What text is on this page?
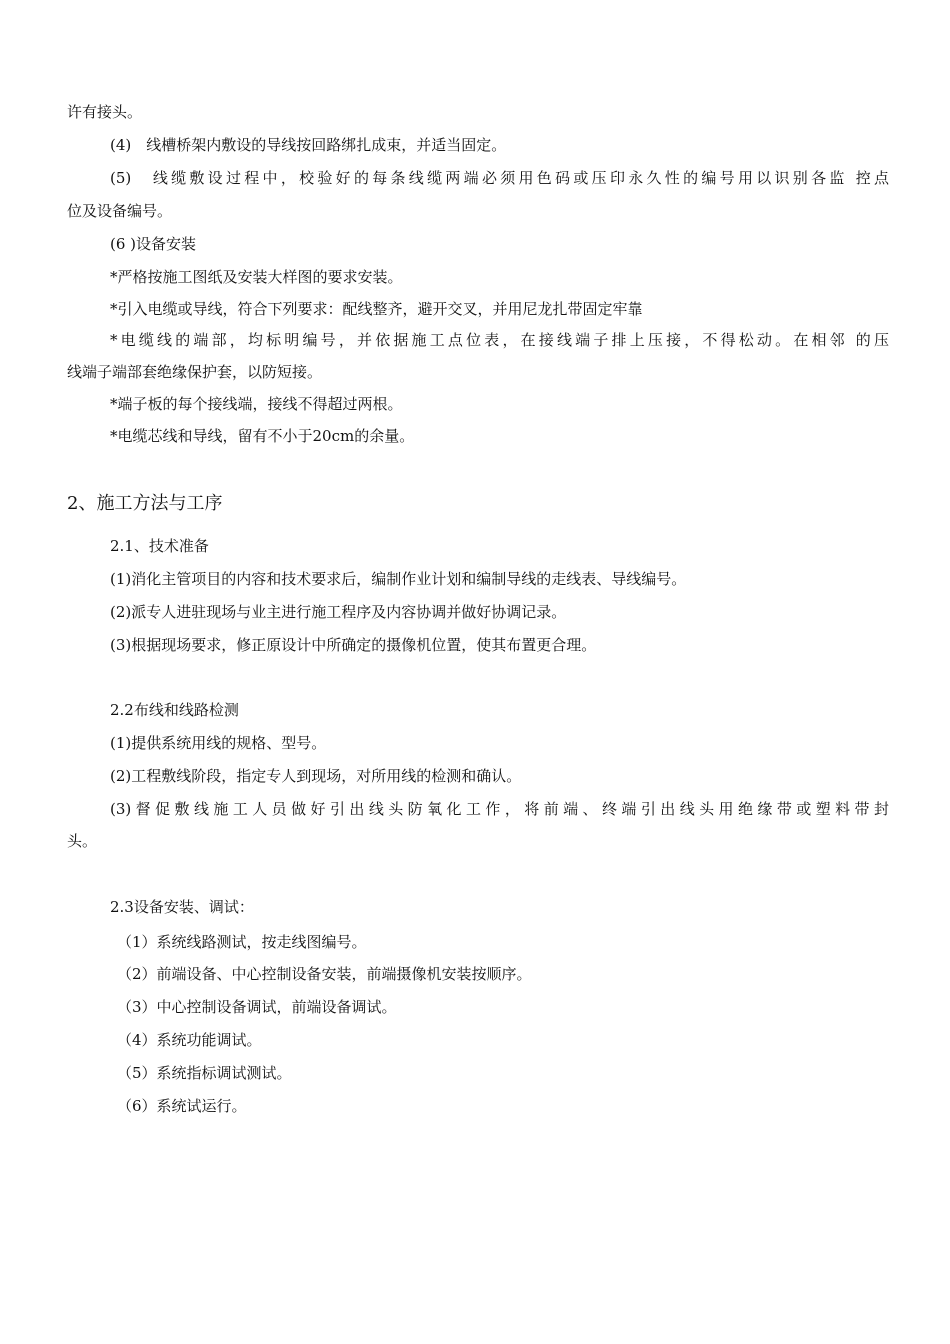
许有接头。
(4)　线槽桥架内敷设的导线按回路绑扎成束，并适当固定。
(5)　线缆敷设过程中，校验好的每条线缆两端必须用色码或压印永久性的编号用以识别各监 控点
位及设备编号。
(6 )设备安装
*严格按施工图纸及安装大样图的要求安装。
*引入电缆或导线，符合下列要求：配线整齐，避开交叉，并用尼龙扎带固定牢靠
*电缆线的端部，均标明编号，并依据施工点位表，在接线端子排上压接，不得松动。在相邻 的压
线端子端部套绝缘保护套，以防短接。
*端子板的每个接线端，接线不得超过两根。
*电缆芯线和导线，留有不小于20cm的余量。
2、施工方法与工序
2.1、技术准备
(1)消化主管项目的内容和技术要求后，编制作业计划和编制导线的走线表、导线编号。
(2)派专人进驻现场与业主进行施工程序及内容协调并做好协调记录。
(3)根据现场要求，修正原设计中所确定的摄像机位置，使其布置更合理。
2.2布线和线路检测
(1)提供系统用线的规格、型号。
(2)工程敷线阶段，指定专人到现场，对所用线的检测和确认。
(3)督促敷线施工人员做好引出线头防氧化工作，将前端、终端引出线头用绝缘带或塑料带封
头。
2.3设备安装、调试：
（1）系统线路测试，按走线图编号。
（2）前端设备、中心控制设备安装，前端摄像机安装按顺序。
（3）中心控制设备调试，前端设备调试。
（4）系统功能调试。
（5）系统指标调试测试。
（6）系统试运行。
